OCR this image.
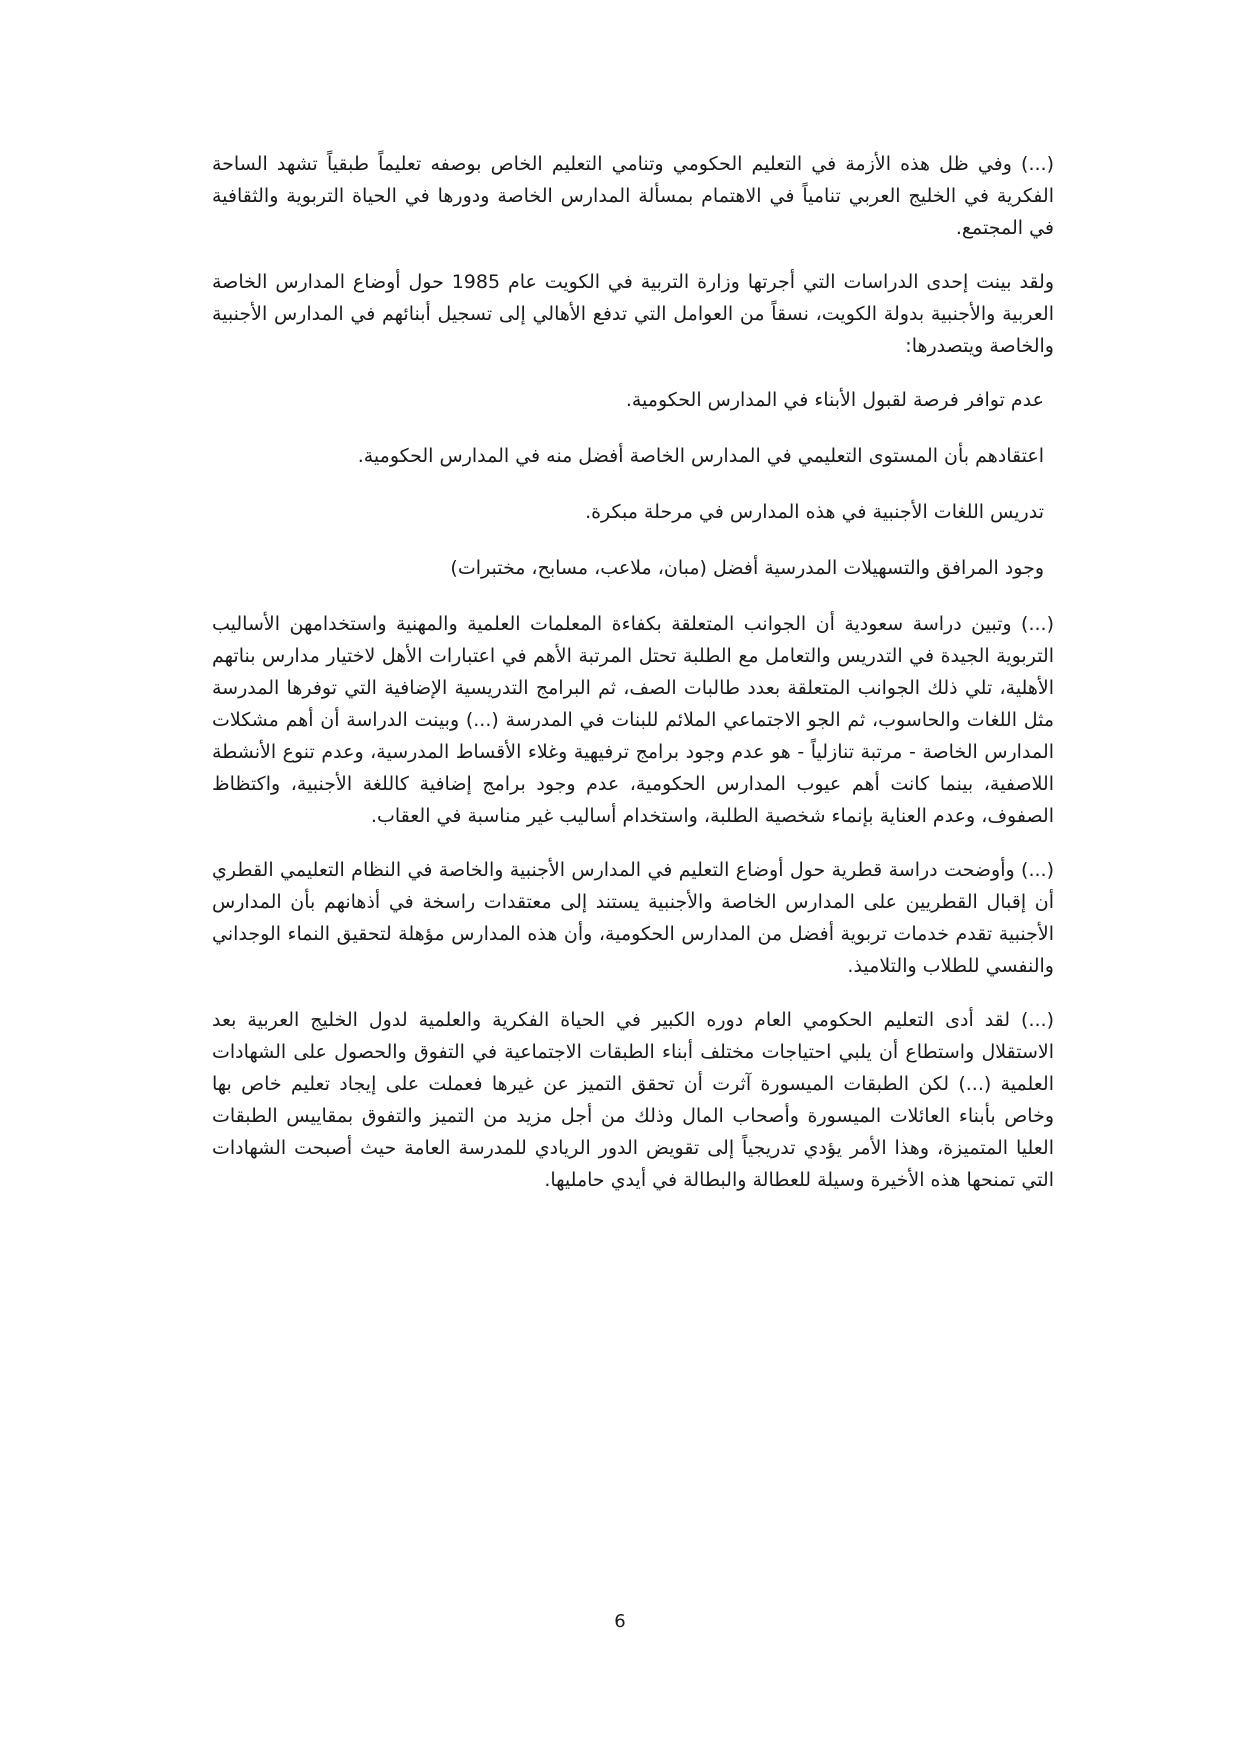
(...) وفي ظل هذه الأزمة في التعليم الحكومي وتنامي التعليم الخاص بوصفه تعليماً طبقياً تشهد الساحة الفكرية في الخليج العربي تنامياً في الاهتمام بمسألة المدارس الخاصة ودورها في الحياة التربوية والثقافية في المجتمع.

ولقد بينت إحدى الدراسات التي أجرتها وزارة التربية في الكويت عام 1985 حول أوضاع المدارس الخاصة العربية والأجنبية بدولة الكويت، نسقاً من العوامل التي تدفع الأهالي إلى تسجيل أبنائهم في المدارس الأجنبية والخاصة ويتصدرها:

عدم توافر فرصة لقبول الأبناء في المدارس الحكومية.
اعتقادهم بأن المستوى التعليمي في المدارس الخاصة أفضل منه في المدارس الحكومية.
تدريس اللغات الأجنبية في هذه المدارس في مرحلة مبكرة.
وجود المرافق والتسهيلات المدرسية أفضل (مبان، ملاعب، مسابح، مختبرات)

(...) وتبين دراسة سعودية أن الجوانب المتعلقة بكفاءة المعلمات العلمية والمهنية واستخدامهن الأساليب التربوية الجيدة في التدريس والتعامل مع الطلبة تحتل المرتبة الأهم في اعتبارات الأهل لاختيار مدارس بناتهم الأهلية، تلي ذلك الجوانب المتعلقة بعدد طالبات الصف، ثم البرامج التدريسية الإضافية التي توفرها المدرسة مثل اللغات والحاسوب، ثم الجو الاجتماعي الملائم للبنات في المدرسة (...) وبينت الدراسة أن أهم مشكلات المدارس الخاصة - مرتبة تنازلياً - هو عدم وجود برامج ترفيهية وغلاء الأقساط المدرسية، وعدم تنوع الأنشطة اللاصفية، بينما كانت أهم عيوب المدارس الحكومية، عدم وجود برامج إضافية كاللغة الأجنبية، واكتظاظ الصفوف، وعدم العناية بإنماء شخصية الطلبة، واستخدام أساليب غير مناسبة في العقاب.

(...) وأوضحت دراسة قطرية حول أوضاع التعليم في المدارس الأجنبية والخاصة في النظام التعليمي القطري أن إقبال القطريين على المدارس الخاصة والأجنبية يستند إلى معتقدات راسخة في أذهانهم بأن المدارس الأجنبية تقدم خدمات تربوية أفضل من المدارس الحكومية، وأن هذه المدارس مؤهلة لتحقيق النماء الوجداني والنفسي للطلاب والتلاميذ.

(...) لقد أدى التعليم الحكومي العام دوره الكبير في الحياة الفكرية والعلمية لدول الخليج العربية بعد الاستقلال واستطاع أن يلبي احتياجات مختلف أبناء الطبقات الاجتماعية في التفوق والحصول على الشهادات العلمية (...) لكن الطبقات الميسورة آثرت أن تحقق التميز عن غيرها فعملت على إيجاد تعليم خاص بها وخاص بأبناء العائلات الميسورة وأصحاب المال وذلك من أجل مزيد من التميز والتفوق بمقاييس الطبقات العليا المتميزة، وهذا الأمر يؤدي تدريجياً إلى تقويض الدور الريادي للمدرسة العامة حيث أصبحت الشهادات التي تمنحها هذه الأخيرة وسيلة للعطالة والبطالة في أيدي حامليها.

6
